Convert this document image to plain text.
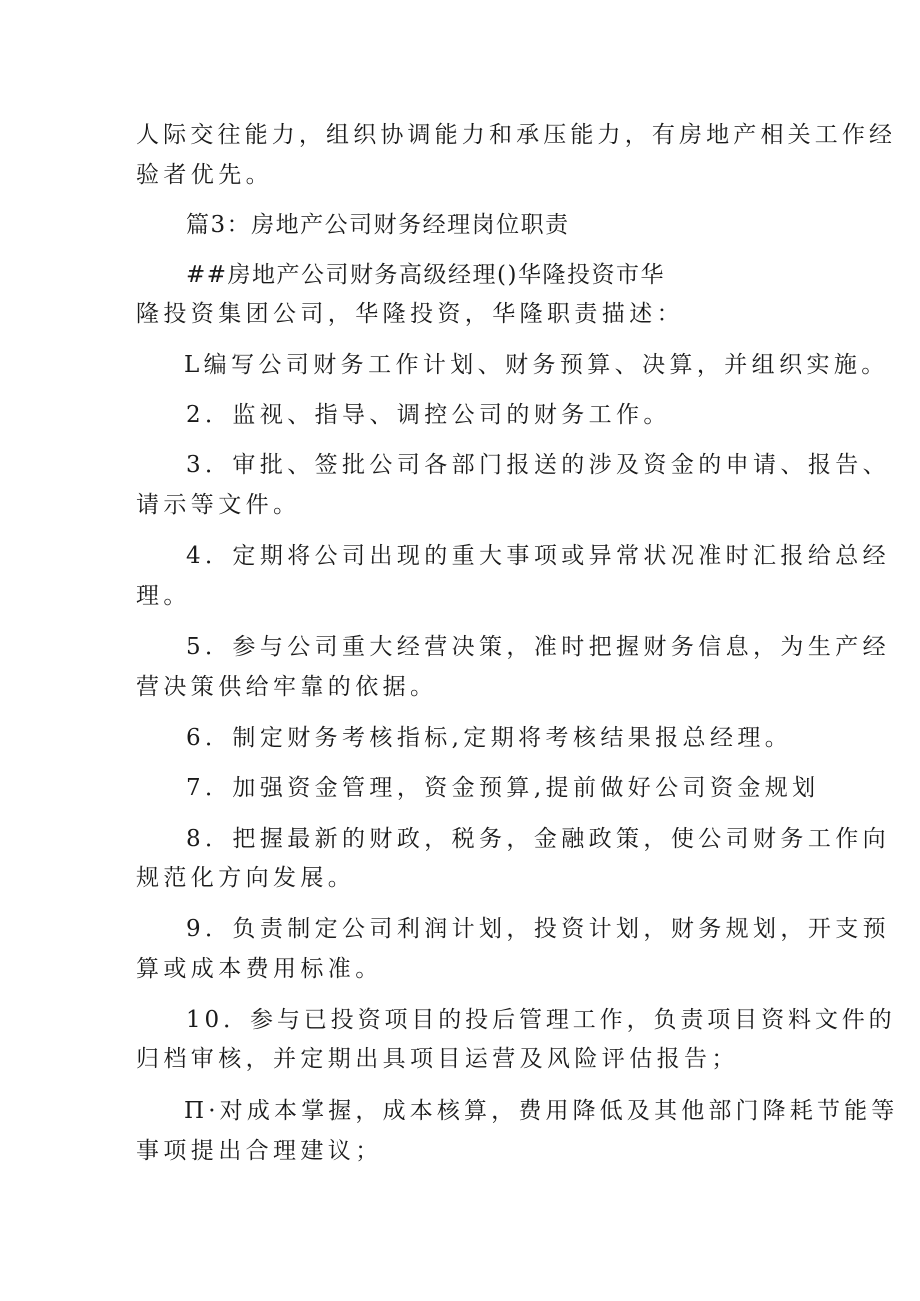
人际交往能力，组织协调能力和承压能力，有房地产相关工作经
验者优先。
篇3：房地产公司财务经理岗位职责
##房地产公司财务高级经理()华隆投资市华
隆投资集团公司，华隆投资，华隆职责描述：
L编写公司财务工作计划、财务预算、决算，并组织实施。
2．监视、指导、调控公司的财务工作。
3．审批、签批公司各部门报送的涉及资金的申请、报告、
请示等文件。
4．定期将公司出现的重大事项或异常状况准时汇报给总经
理。
5．参与公司重大经营决策，准时把握财务信息，为生产经
营决策供给牢靠的依据。
6．制定财务考核指标,定期将考核结果报总经理。
7．加强资金管理，资金预算,提前做好公司资金规划
8．把握最新的财政，税务，金融政策，使公司财务工作向
规范化方向发展。
9．负责制定公司利润计划，投资计划，财务规划，开支预
算或成本费用标准。
10．参与已投资项目的投后管理工作，负责项目资料文件的
归档审核，并定期出具项目运营及风险评估报告；
Π·对成本掌握，成本核算，费用降低及其他部门降耗节能等
事项提出合理建议；
